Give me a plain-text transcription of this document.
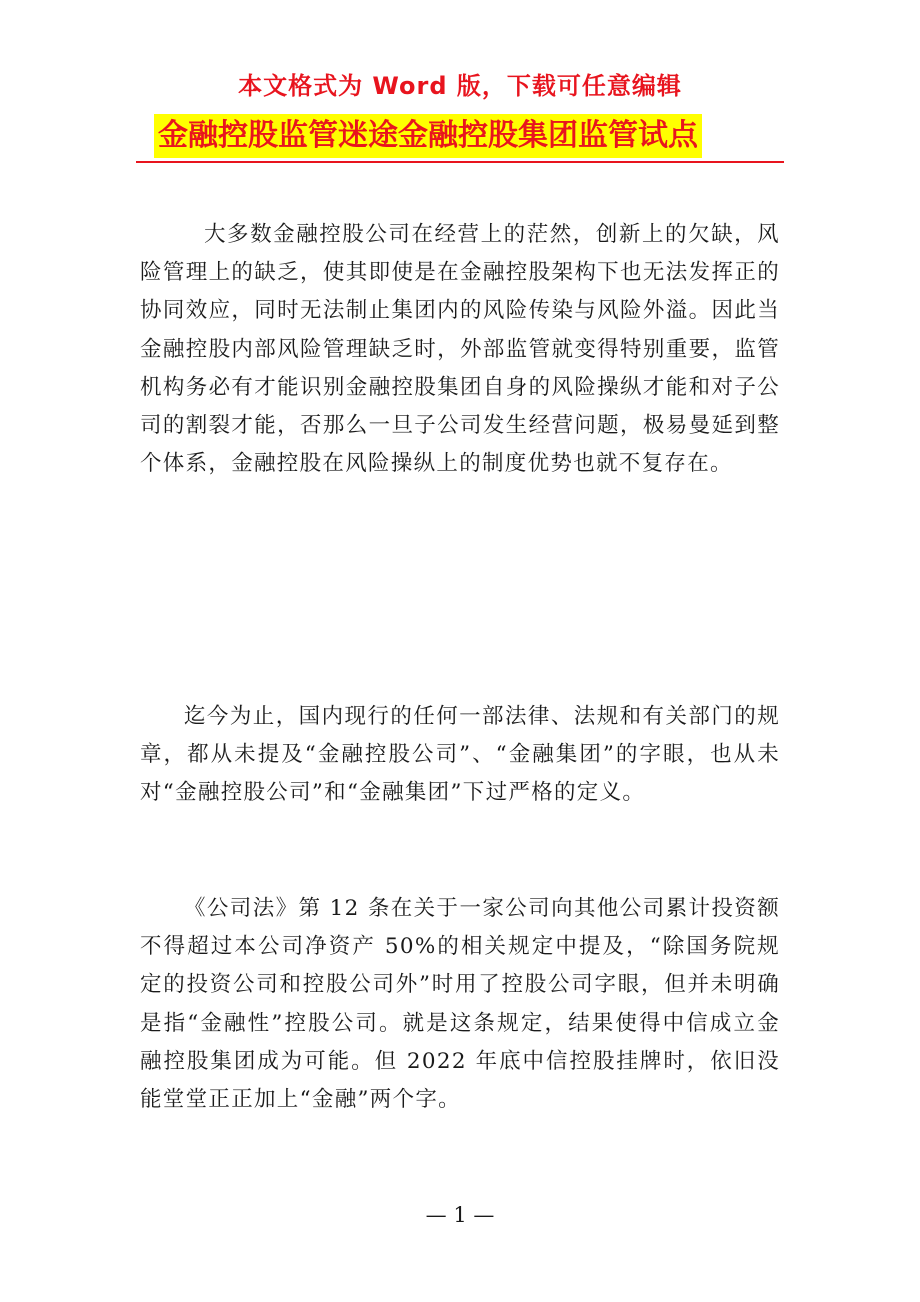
本文格式为 Word 版，下载可任意编辑
金融控股监管迷途金融控股集团监管试点

大多数金融控股公司在经营上的茫然，创新上的欠缺，风险管理上的缺乏，使其即使是在金融控股架构下也无法发挥正的协同效应，同时无法制止集团内的风险传染与风险外溢。因此当金融控股内部风险管理缺乏时，外部监管就变得特别重要，监管机构务必有才能识别金融控股集团自身的风险操纵才能和对子公司的割裂才能，否那么一旦子公司发生经营问题，极易曼延到整个体系，金融控股在风险操纵上的制度优势也就不复存在。

迄今为止，国内现行的任何一部法律、法规和有关部门的规章，都从未提及“金融控股公司”、“金融集团”的字眼，也从未对“金融控股公司”和“金融集团”下过严格的定义。

《公司法》第 12 条在关于一家公司向其他公司累计投资额不得超过本公司净资产 50%的相关规定中提及，“除国务院规定的投资公司和控股公司外”时用了控股公司字眼，但并未明确是指“金融性”控股公司。就是这条规定，结果使得中信成立金融控股集团成为可能。但 2022 年底中信控股挂牌时，依旧没能堂堂正正加上“金融”两个字。

— 1 —
